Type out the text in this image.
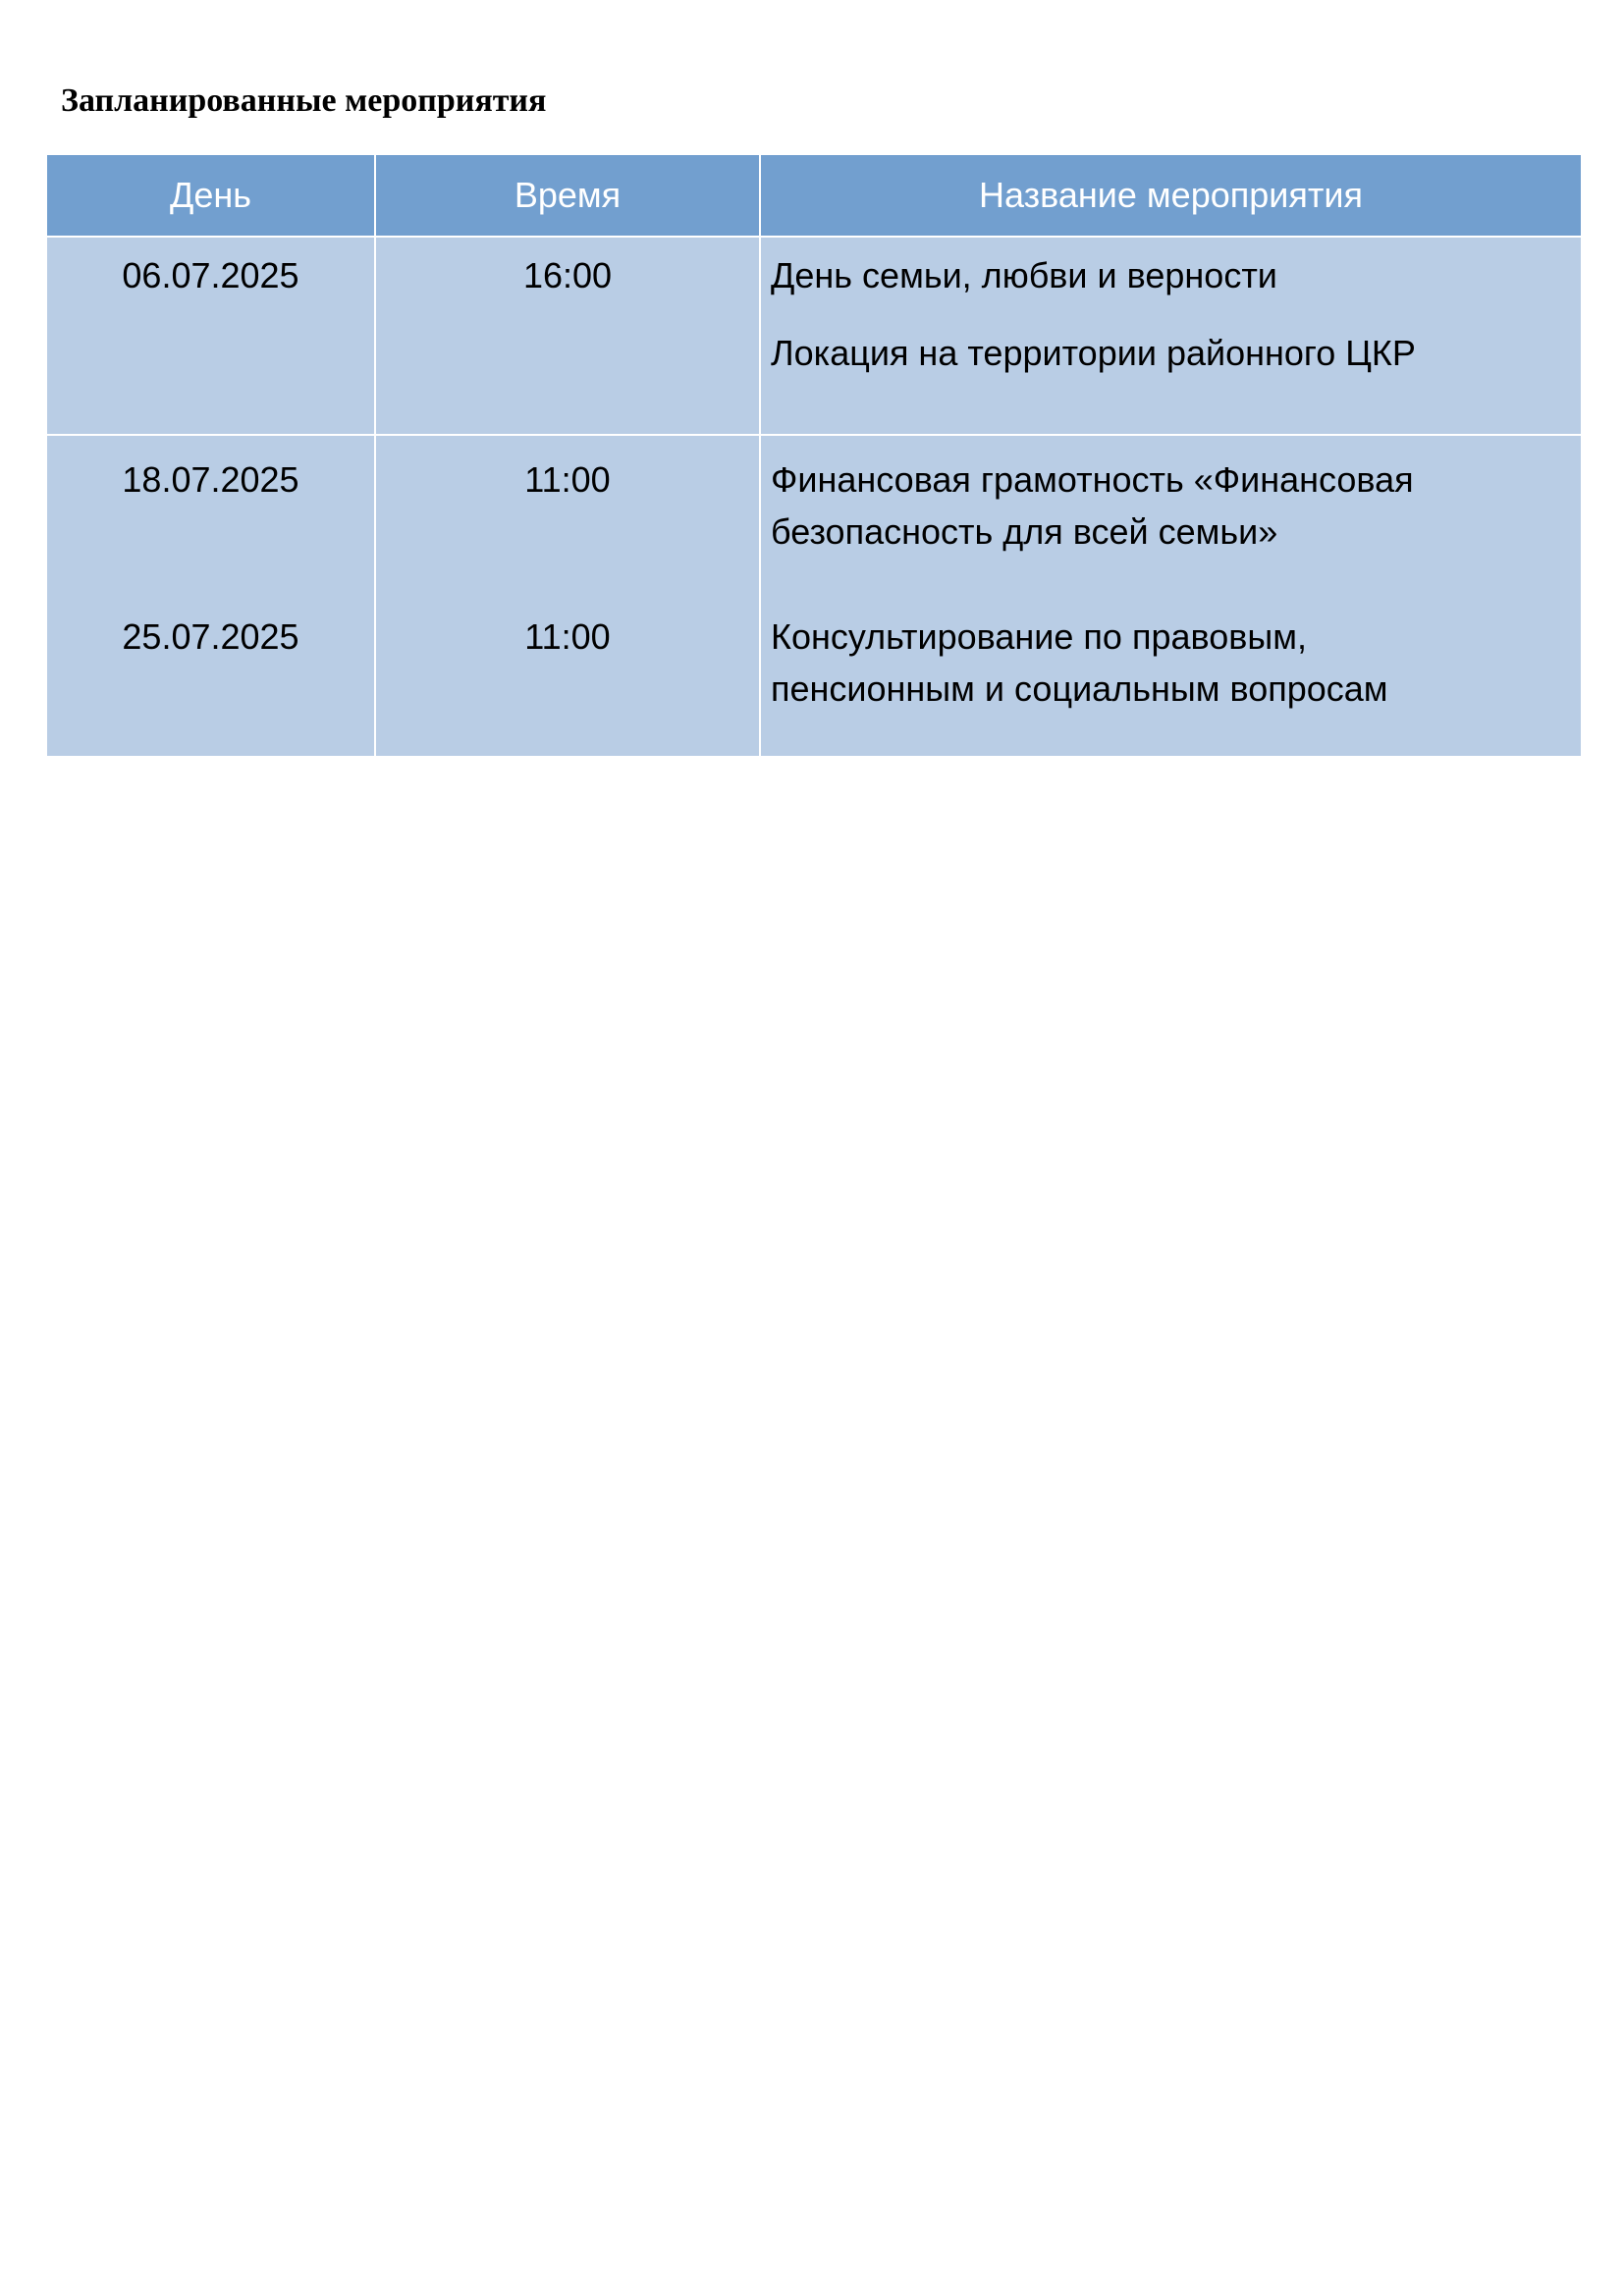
Запланированные мероприятия
День	Время	Название мероприятия
06.07.2025	16:00	День семьи, любви и верности
Локация на территории районного ЦКР

18.07.2025	11:00	Финансовая грамотность «Финансовая
безопасность для всей семьи»

25.07.2025	11:00	Консультирование по правовым,
пенсионным и социальным вопросам
